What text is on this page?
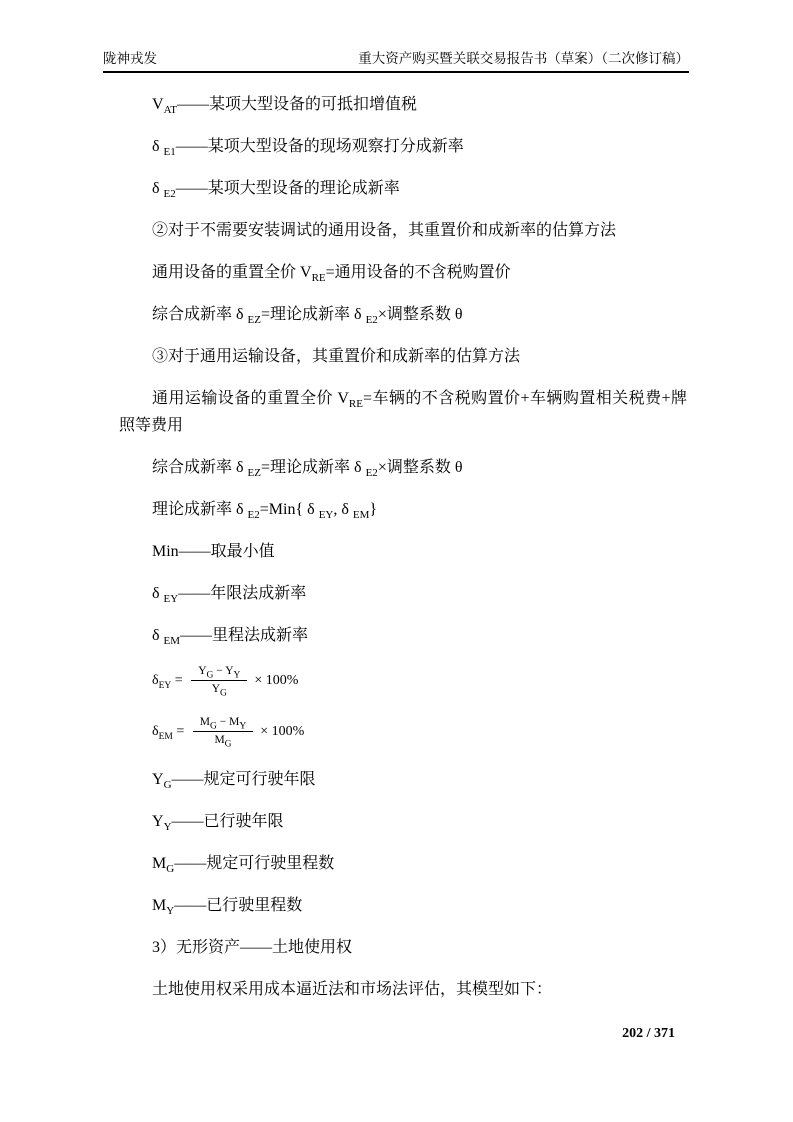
陇神戎发	重大资产购买暨关联交易报告书（草案）（二次修订稿）

$V_{AT}——$某项大型设备的可抵扣增值税

δ $_{E1}$——某项大型设备的现场观察打分成新率

δ $_{E2}$——某项大型设备的理论成新率

②对于不需要安装调试的通用设备，其重置价和成新率的估算方法

通用设备的重置全价 $V_{RE}=$通用设备的不含税购置价

综合成新率 δ $_{EZ}$=理论成新率 δ $_{E2}$×调整系数 θ

③对于通用运输设备，其重置价和成新率的估算方法

通用运输设备的重置全价 $V_{RE}=$车辆的不含税购置价+车辆购置相关税费+牌照等费用

综合成新率 δ $_{EZ}$=理论成新率 δ $_{E2}$×调整系数 θ

理论成新率 δ $_{E2}$=Min{ δ $_{EY}$, δ $_{EM}$}

Min——取最小值

δ $_{EY}$——年限法成新率

δ $_{EM}$——里程法成新率

$\delta_{EY} = \frac{Y_G - Y_Y}{Y_G} \times 100\%$
$\delta_{EM} = \frac{M_G - M_Y}{M_G} \times 100\%$

$Y_G——$规定可行驶年限

$Y_Y——$已行驶年限

$M_G——$规定可行驶里程数

$M_Y——$已行驶里程数

3）无形资产——土地使用权

土地使用权采用成本逼近法和市场法评估，其模型如下：

202 / 371
